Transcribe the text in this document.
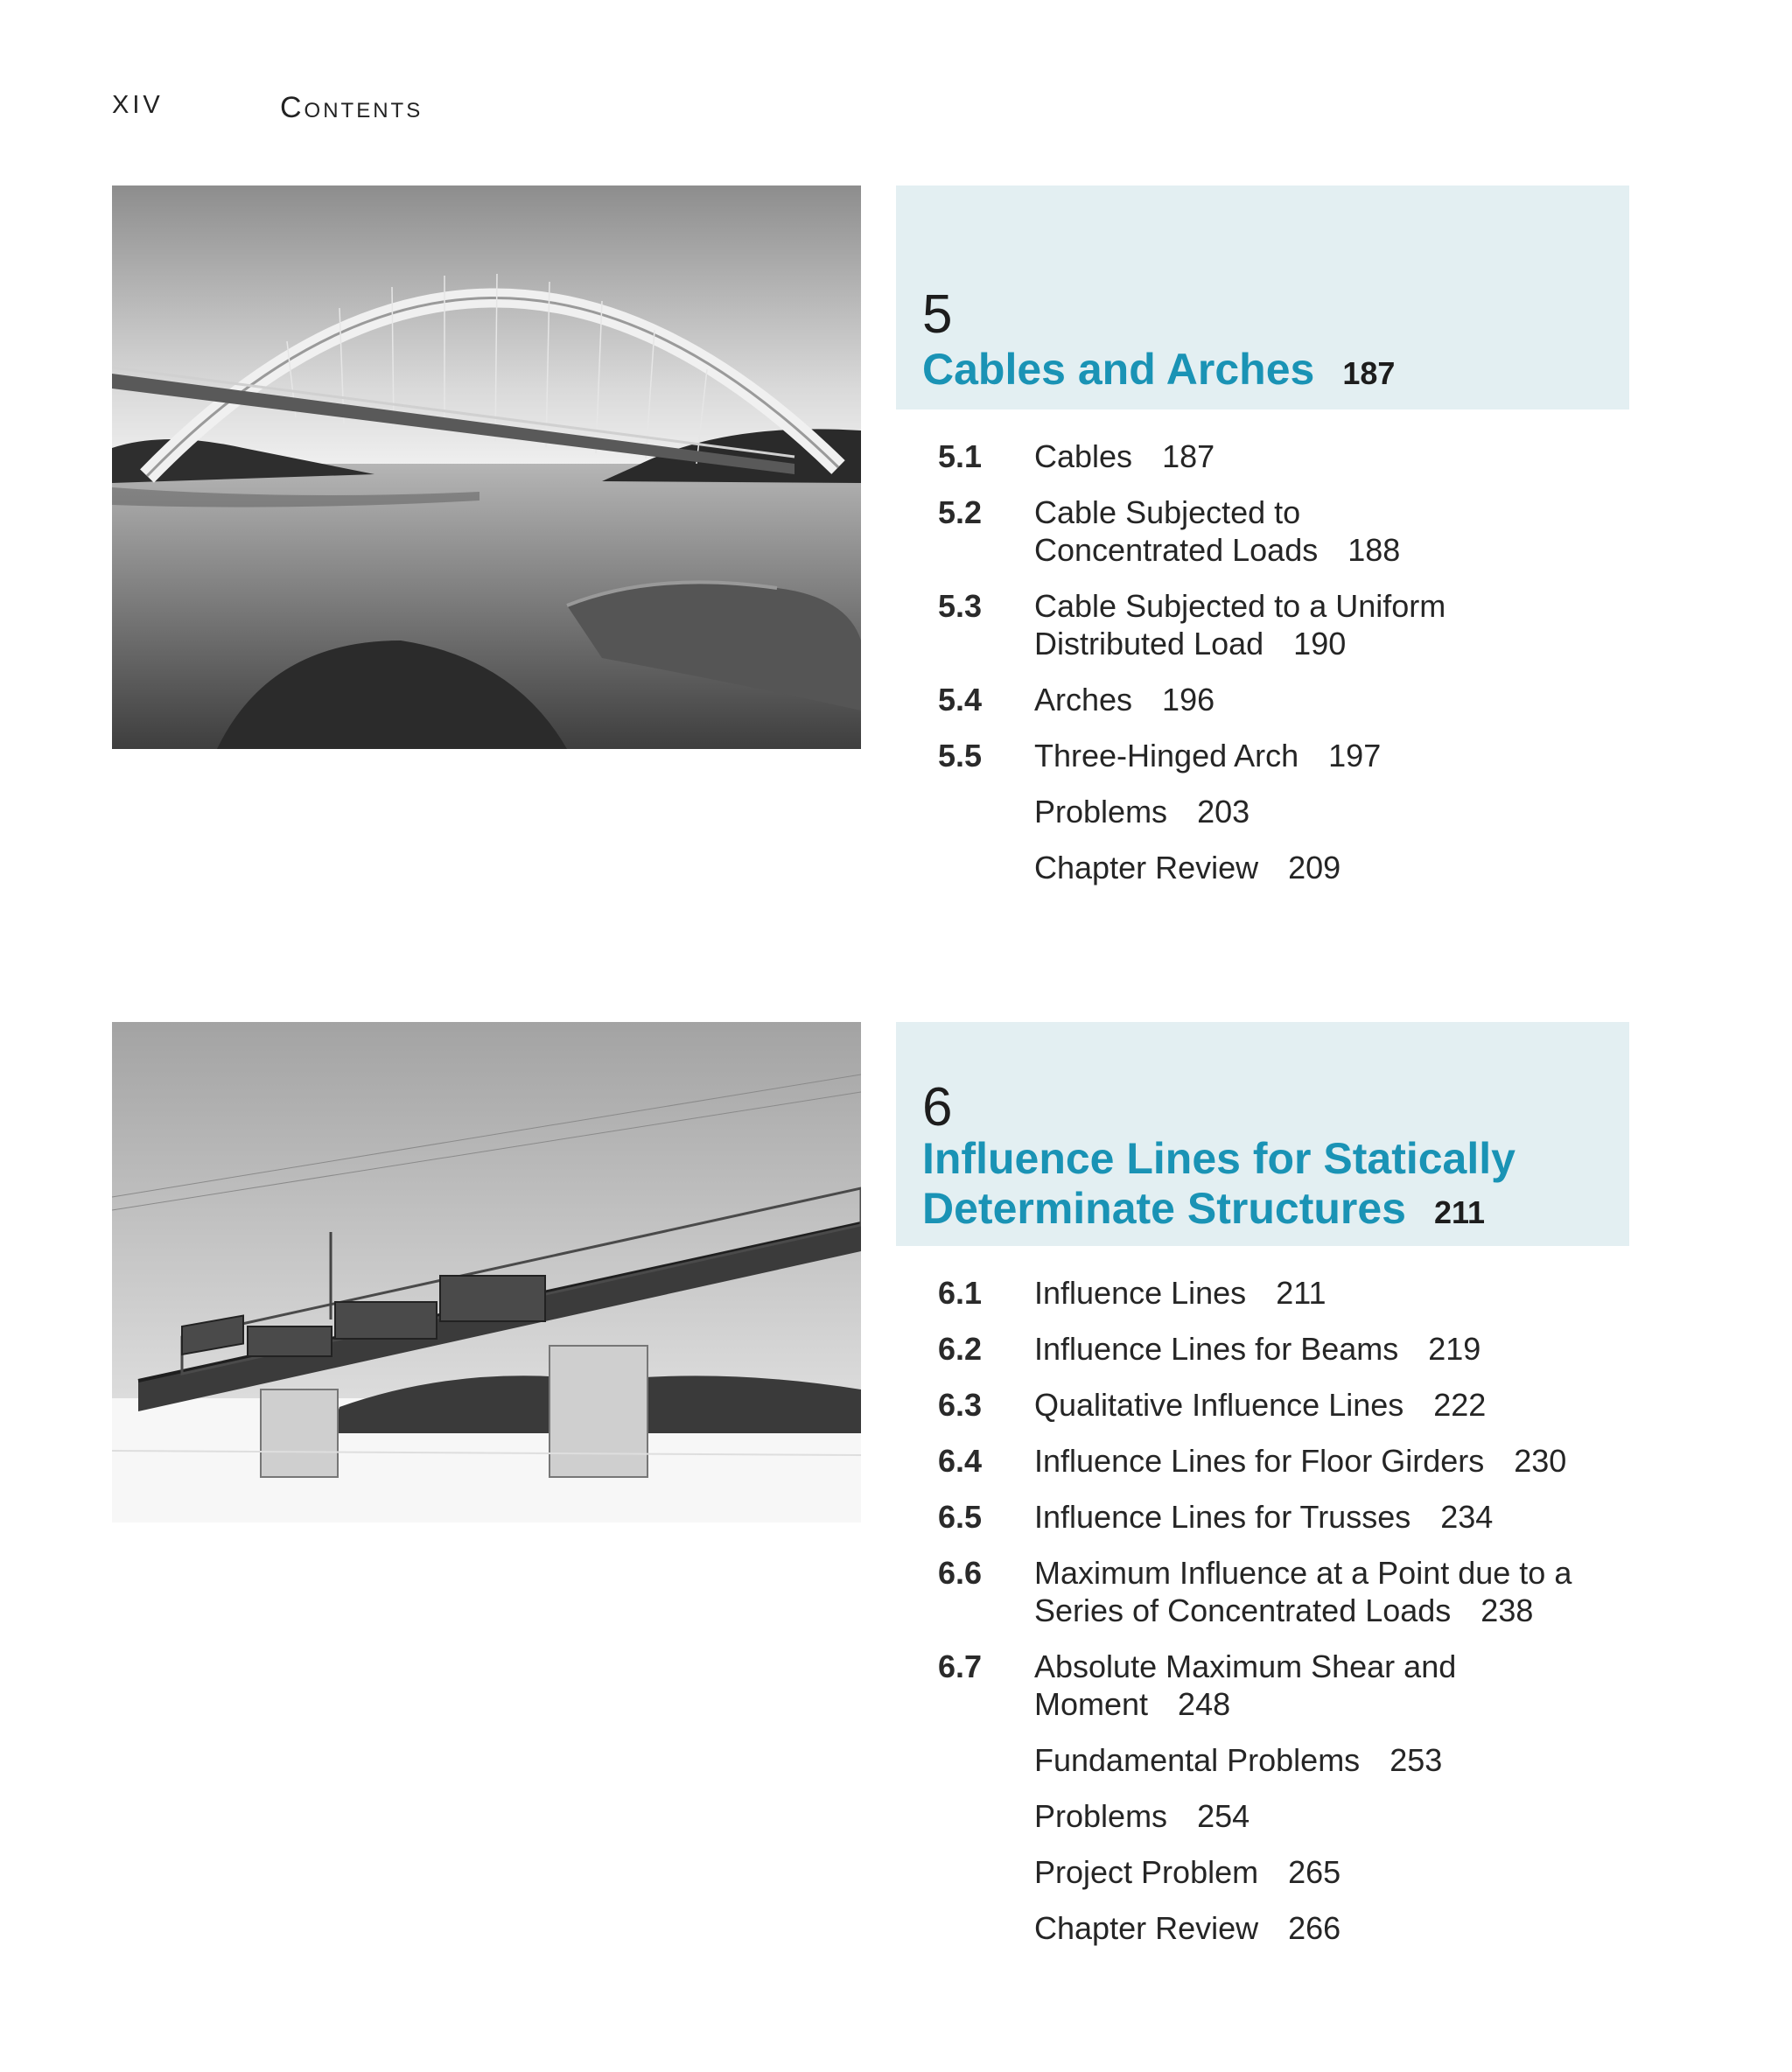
XIV	Contents
5
Cables and Arches 187
5.1 Cables 187
5.2 Cable Subjected to
Concentrated Loads 188
5.3 Cable Subjected to a Uniform
Distributed Load 190
5.4 Arches 196
5.5 Three-Hinged Arch 197
Problems 203
Chapter Review 209
6
Influence Lines for Statically
Determinate Structures 211
6.1 Influence Lines 211
6.2 Influence Lines for Beams 219
6.3 Qualitative Influence Lines 222
6.4 Influence Lines for Floor Girders 230
6.5 Influence Lines for Trusses 234
6.6 Maximum Influence at a Point due to a
Series of Concentrated Loads 238
6.7 Absolute Maximum Shear and
Moment 248
Fundamental Problems 253
Problems 254
Project Problem 265
Chapter Review 266
